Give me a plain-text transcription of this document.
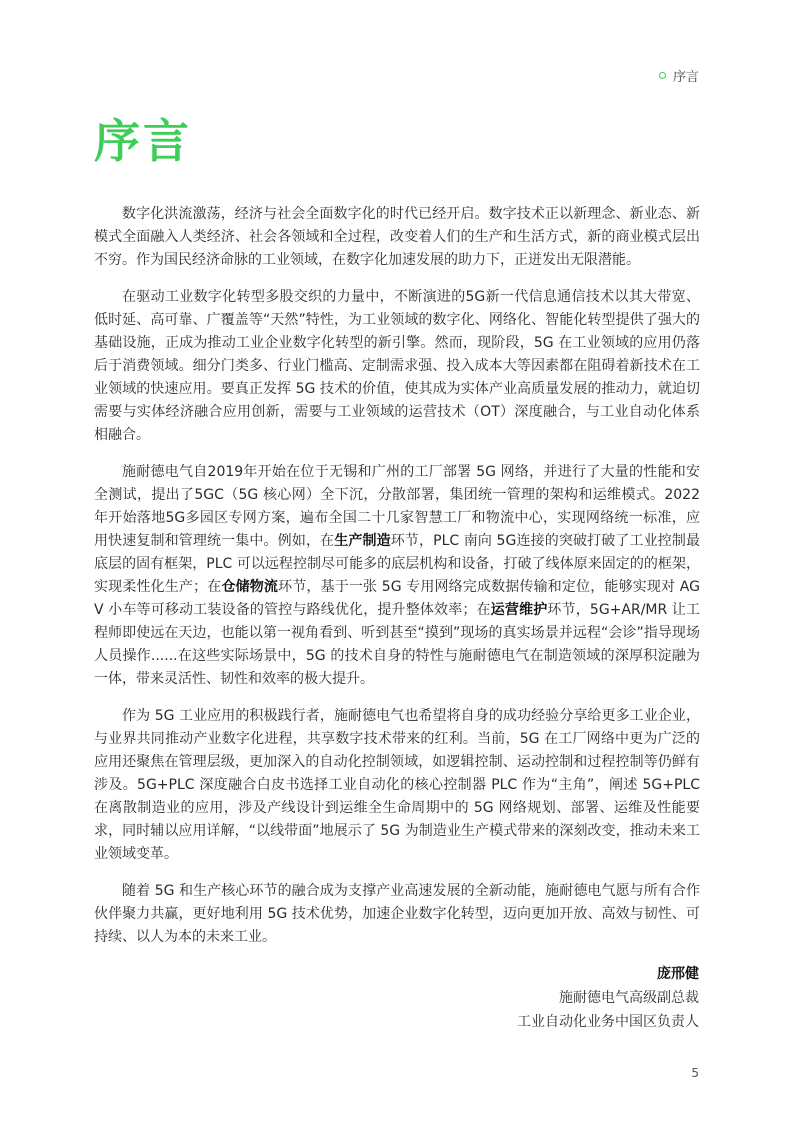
序言
序言

数字化洪流激荡，经济与社会全面数字化的时代已经开启。数字技术正以新理念、新业态、新模式全面融入人类经济、社会各领域和全过程，改变着人们的生产和生活方式，新的商业模式层出不穷。作为国民经济命脉的工业领域，在数字化加速发展的助力下，正迸发出无限潜能。

在驱动工业数字化转型多股交织的力量中，不断演进的5G新一代信息通信技术以其大带宽、低时延、高可靠、广覆盖等“天然”特性，为工业领域的数字化、网络化、智能化转型提供了强大的基础设施，正成为推动工业企业数字化转型的新引擎。然而，现阶段，5G 在工业领域的应用仍落后于消费领域。细分门类多、行业门槛高、定制需求强、投入成本大等因素都在阻碍着新技术在工业领域的快速应用。要真正发挥 5G 技术的价值，使其成为实体产业高质量发展的推动力，就迫切需要与实体经济融合应用创新，需要与工业领域的运营技术（OT）深度融合，与工业自动化体系相融合。

施耐德电气自2019年开始在位于无锡和广州的工厂部署 5G 网络，并进行了大量的性能和安全测试，提出了5GC（5G 核心网）全下沉，分散部署，集团统一管理的架构和运维模式。2022年开始落地5G多园区专网方案，遍布全国二十几家智慧工厂和物流中心，实现网络统一标准，应用快速复制和管理统一集中。例如，在生产制造环节，PLC 南向 5G连接的突破打破了工业控制最底层的固有框架，PLC 可以远程控制尽可能多的底层机构和设备，打破了线体原来固定的的框架，实现柔性化生产；在仓储物流环节，基于一张 5G 专用网络完成数据传输和定位，能够实现对 AGV 小车等可移动工装设备的管控与路线优化，提升整体效率；在运营维护环节，5G+AR/MR 让工程师即使远在天边，也能以第一视角看到、听到甚至“摸到”现场的真实场景并远程“会诊”指导现场人员操作......在这些实际场景中，5G 的技术自身的特性与施耐德电气在制造领域的深厚积淀融为一体，带来灵活性、韧性和效率的极大提升。

作为 5G 工业应用的积极践行者，施耐德电气也希望将自身的成功经验分享给更多工业企业，与业界共同推动产业数字化进程，共享数字技术带来的红利。当前，5G 在工厂网络中更为广泛的应用还聚焦在管理层级，更加深入的自动化控制领域，如逻辑控制、运动控制和过程控制等仍鲜有涉及。5G+PLC 深度融合白皮书选择工业自动化的核心控制器 PLC 作为“主角”，阐述 5G+PLC 在离散制造业的应用，涉及产线设计到运维全生命周期中的 5G 网络规划、部署、运维及性能要求，同时辅以应用详解，“以线带面”地展示了 5G 为制造业生产模式带来的深刻改变，推动未来工业领域变革。

随着 5G 和生产核心环节的融合成为支撑产业高速发展的全新动能，施耐德电气愿与所有合作伙伴聚力共赢，更好地利用 5G 技术优势，加速企业数字化转型，迈向更加开放、高效与韧性、可持续、以人为本的未来工业。

庞邢健
施耐德电气高级副总裁
工业自动化业务中国区负责人
5
